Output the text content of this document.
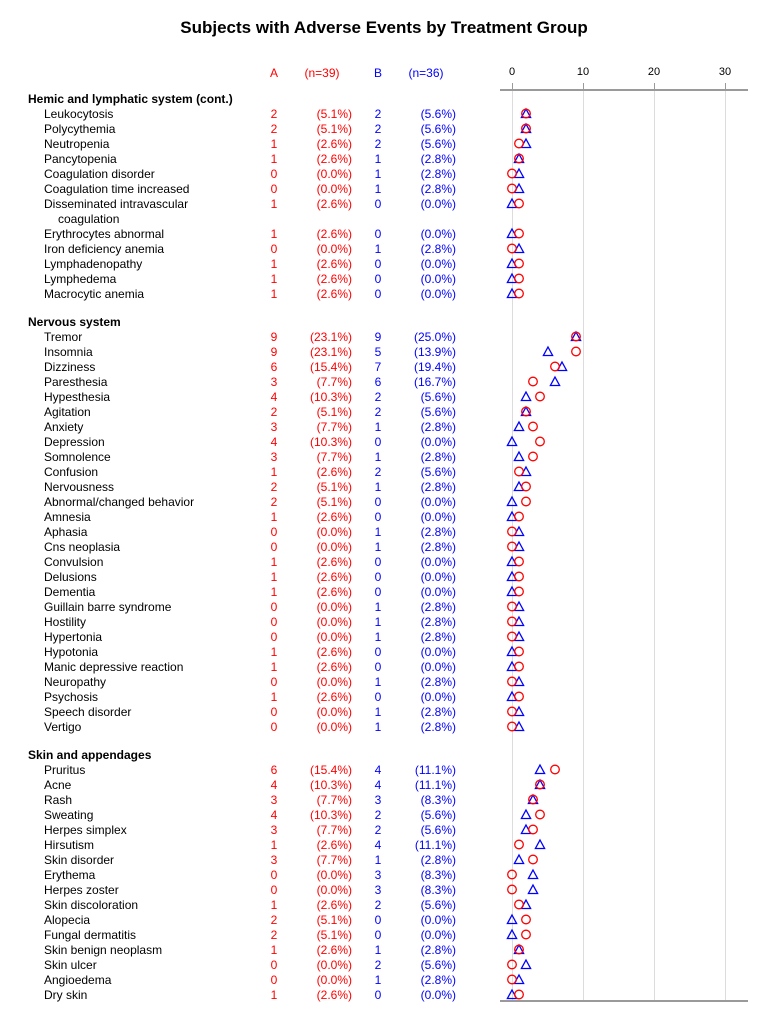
Subjects with Adverse Events by Treatment Group
A	(n=39)	B	(n=36)	0	10	20	30
Hemic and lymphatic system (cont.)
Leukocytosis	2	(5.1%)	2	(5.6%)
Polycythemia	2	(5.1%)	2	(5.6%)
Neutropenia	1	(2.6%)	2	(5.6%)
Pancytopenia	1	(2.6%)	1	(2.8%)
Coagulation disorder	0	(0.0%)	1	(2.8%)
Coagulation time increased	0	(0.0%)	1	(2.8%)
Disseminated intravascular	1	(2.6%)	0	(0.0%)
coagulation
Erythrocytes abnormal	1	(2.6%)	0	(0.0%)
Iron deficiency anemia	0	(0.0%)	1	(2.8%)
Lymphadenopathy	1	(2.6%)	0	(0.0%)
Lymphedema	1	(2.6%)	0	(0.0%)
Macrocytic anemia	1	(2.6%)	0	(0.0%)
Nervous system
Tremor	9	(23.1%)	9	(25.0%)
Insomnia	9	(23.1%)	5	(13.9%)
Dizziness	6	(15.4%)	7	(19.4%)
Paresthesia	3	(7.7%)	6	(16.7%)
Hypesthesia	4	(10.3%)	2	(5.6%)
Agitation	2	(5.1%)	2	(5.6%)
Anxiety	3	(7.7%)	1	(2.8%)
Depression	4	(10.3%)	0	(0.0%)
Somnolence	3	(7.7%)	1	(2.8%)
Confusion	1	(2.6%)	2	(5.6%)
Nervousness	2	(5.1%)	1	(2.8%)
Abnormal/changed behavior	2	(5.1%)	0	(0.0%)
Amnesia	1	(2.6%)	0	(0.0%)
Aphasia	0	(0.0%)	1	(2.8%)
Cns neoplasia	0	(0.0%)	1	(2.8%)
Convulsion	1	(2.6%)	0	(0.0%)
Delusions	1	(2.6%)	0	(0.0%)
Dementia	1	(2.6%)	0	(0.0%)
Guillain barre syndrome	0	(0.0%)	1	(2.8%)
Hostility	0	(0.0%)	1	(2.8%)
Hypertonia	0	(0.0%)	1	(2.8%)
Hypotonia	1	(2.6%)	0	(0.0%)
Manic depressive reaction	1	(2.6%)	0	(0.0%)
Neuropathy	0	(0.0%)	1	(2.8%)
Psychosis	1	(2.6%)	0	(0.0%)
Speech disorder	0	(0.0%)	1	(2.8%)
Vertigo	0	(0.0%)	1	(2.8%)
Skin and appendages
Pruritus	6	(15.4%)	4	(11.1%)
Acne	4	(10.3%)	4	(11.1%)
Rash	3	(7.7%)	3	(8.3%)
Sweating	4	(10.3%)	2	(5.6%)
Herpes simplex	3	(7.7%)	2	(5.6%)
Hirsutism	1	(2.6%)	4	(11.1%)
Skin disorder	3	(7.7%)	1	(2.8%)
Erythema	0	(0.0%)	3	(8.3%)
Herpes zoster	0	(0.0%)	3	(8.3%)
Skin discoloration	1	(2.6%)	2	(5.6%)
Alopecia	2	(5.1%)	0	(0.0%)
Fungal dermatitis	2	(5.1%)	0	(0.0%)
Skin benign neoplasm	1	(2.6%)	1	(2.8%)
Skin ulcer	0	(0.0%)	2	(5.6%)
Angioedema	0	(0.0%)	1	(2.8%)
Dry skin	1	(2.6%)	0	(0.0%)
